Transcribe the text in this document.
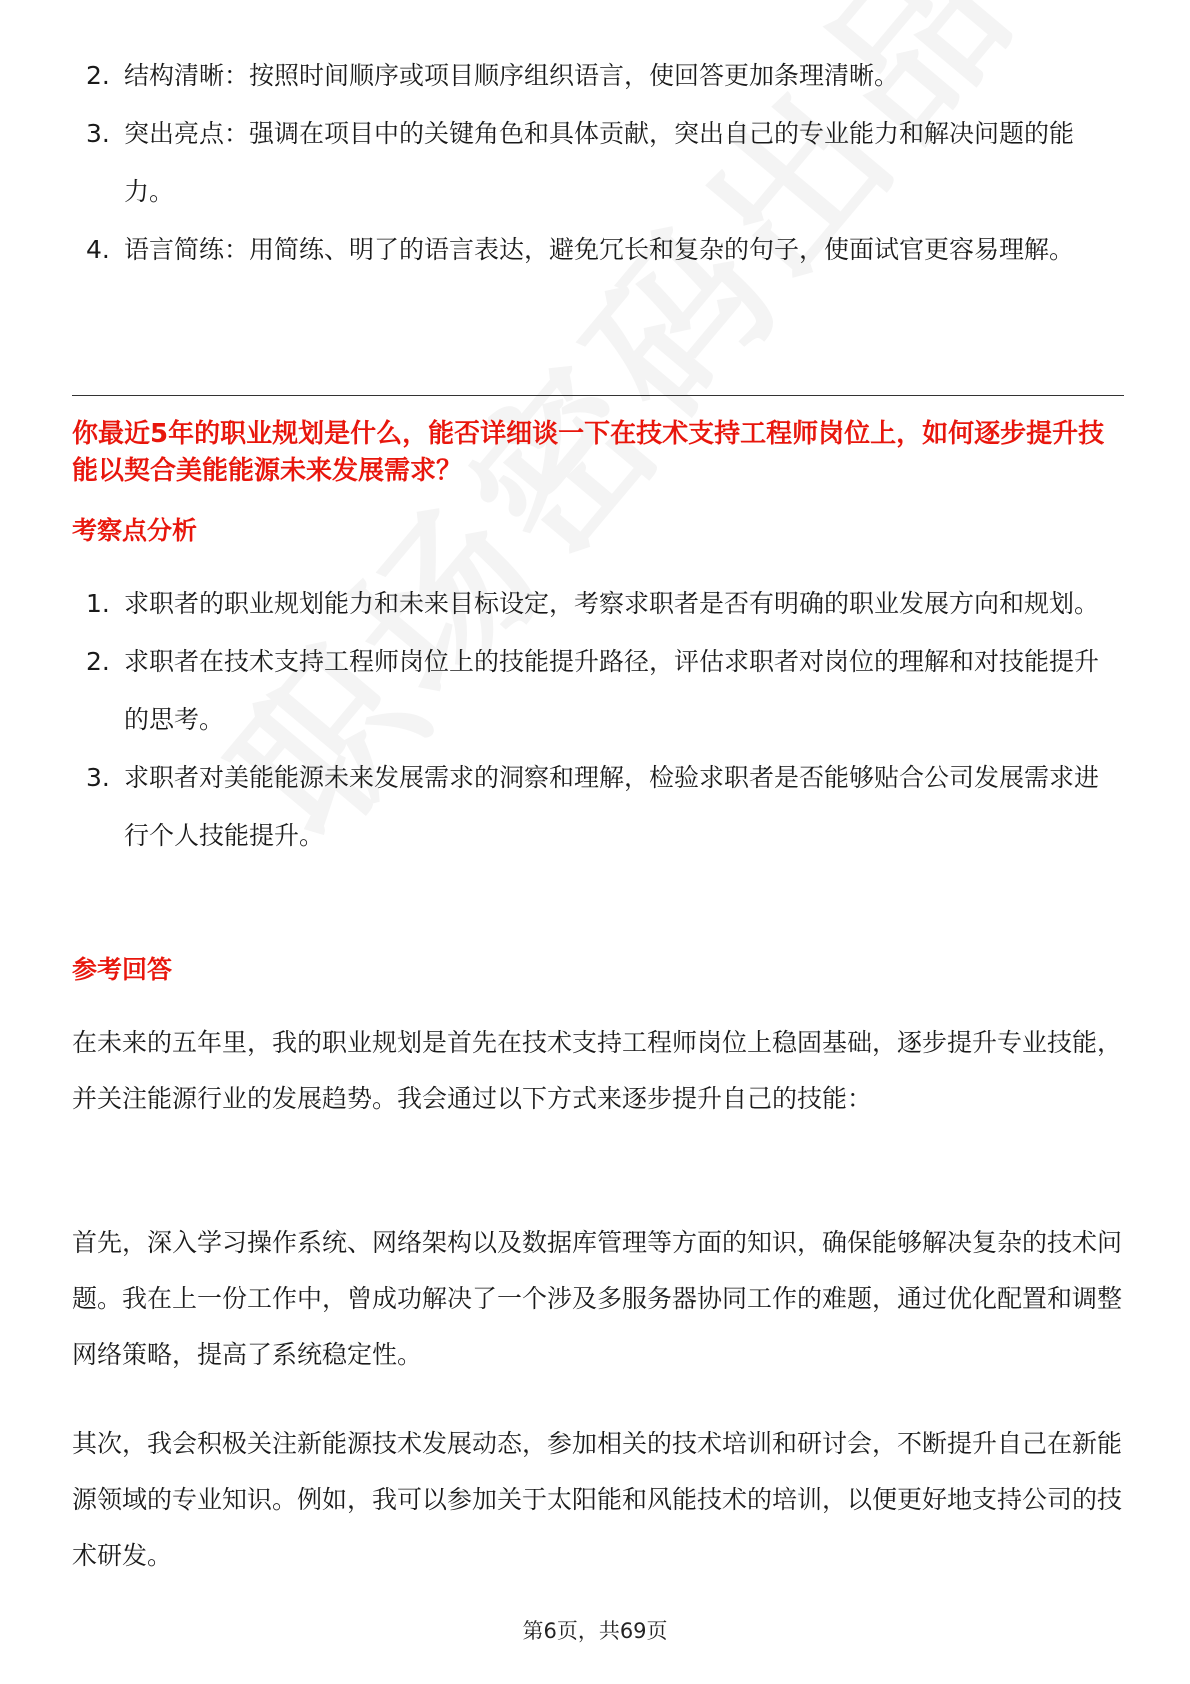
2. 结构清晰：按照时间顺序或项目顺序组织语言，使回答更加条理清晰。
3. 突出亮点：强调在项目中的关键角色和具体贡献，突出自己的专业能力和解决问题的能力。
4. 语言简练：用简练、明了的语言表达，避免冗长和复杂的句子，使面试官更容易理解。

你最近5年的职业规划是什么，能否详细谈一下在技术支持工程师岗位上，如何逐步提升技能以契合美能能源未来发展需求？

考察点分析

1. 求职者的职业规划能力和未来目标设定，考察求职者是否有明确的职业发展方向和规划。
2. 求职者在技术支持工程师岗位上的技能提升路径，评估求职者对岗位的理解和对技能提升的思考。
3. 求职者对美能能源未来发展需求的洞察和理解，检验求职者是否能够贴合公司发展需求进行个人技能提升。

参考回答

在未来的五年里，我的职业规划是首先在技术支持工程师岗位上稳固基础，逐步提升专业技能，并关注能源行业的发展趋势。我会通过以下方式来逐步提升自己的技能：

首先，深入学习操作系统、网络架构以及数据库管理等方面的知识，确保能够解决复杂的技术问题。我在上一份工作中，曾成功解决了一个涉及多服务器协同工作的难题，通过优化配置和调整网络策略，提高了系统稳定性。

其次，我会积极关注新能源技术发展动态，参加相关的技术培训和研讨会，不断提升自己在新能源领域的专业知识。例如，我可以参加关于太阳能和风能技术的培训，以便更好地支持公司的技术研发。

第6页，共69页
